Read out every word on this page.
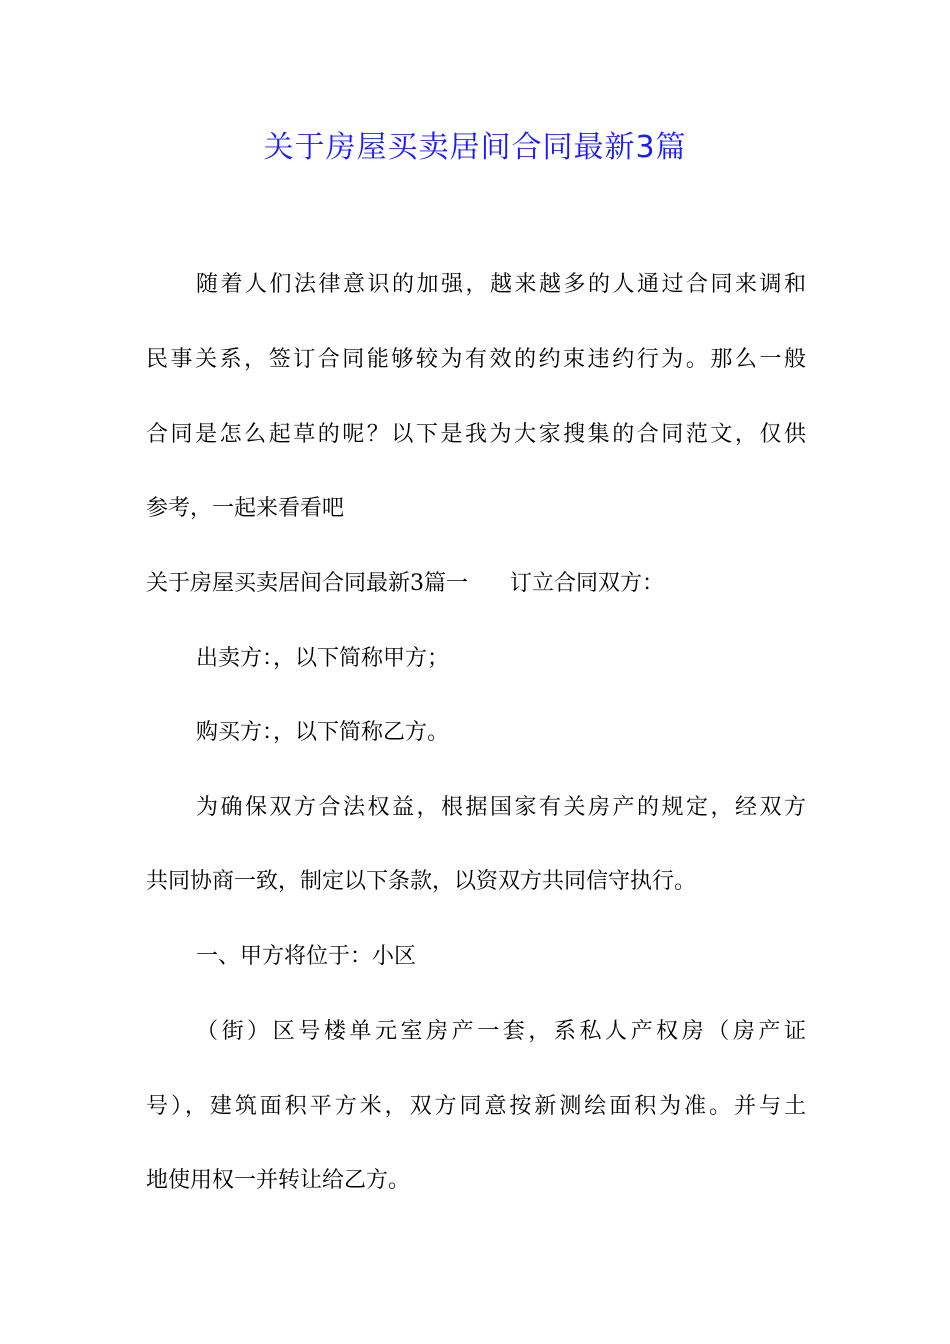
关于房屋买卖居间合同最新3篇

随着人们法律意识的加强，越来越多的人通过合同来调和

民事关系，签订合同能够较为有效的约束违约行为。那么一般

合同是怎么起草的呢？以下是我为大家搜集的合同范文，仅供

参考，一起来看看吧

关于房屋买卖居间合同最新3篇一 订立合同双方：

出卖方：，以下简称甲方；

购买方：，以下简称乙方。

为确保双方合法权益，根据国家有关房产的规定，经双方

共同协商一致，制定以下条款，以资双方共同信守执行。

一、甲方将位于：小区

（街）区号楼单元室房产一套，系私人产权房（房产证

号），建筑面积平方米，双方同意按新测绘面积为准。并与土

地使用权一并转让给乙方。
